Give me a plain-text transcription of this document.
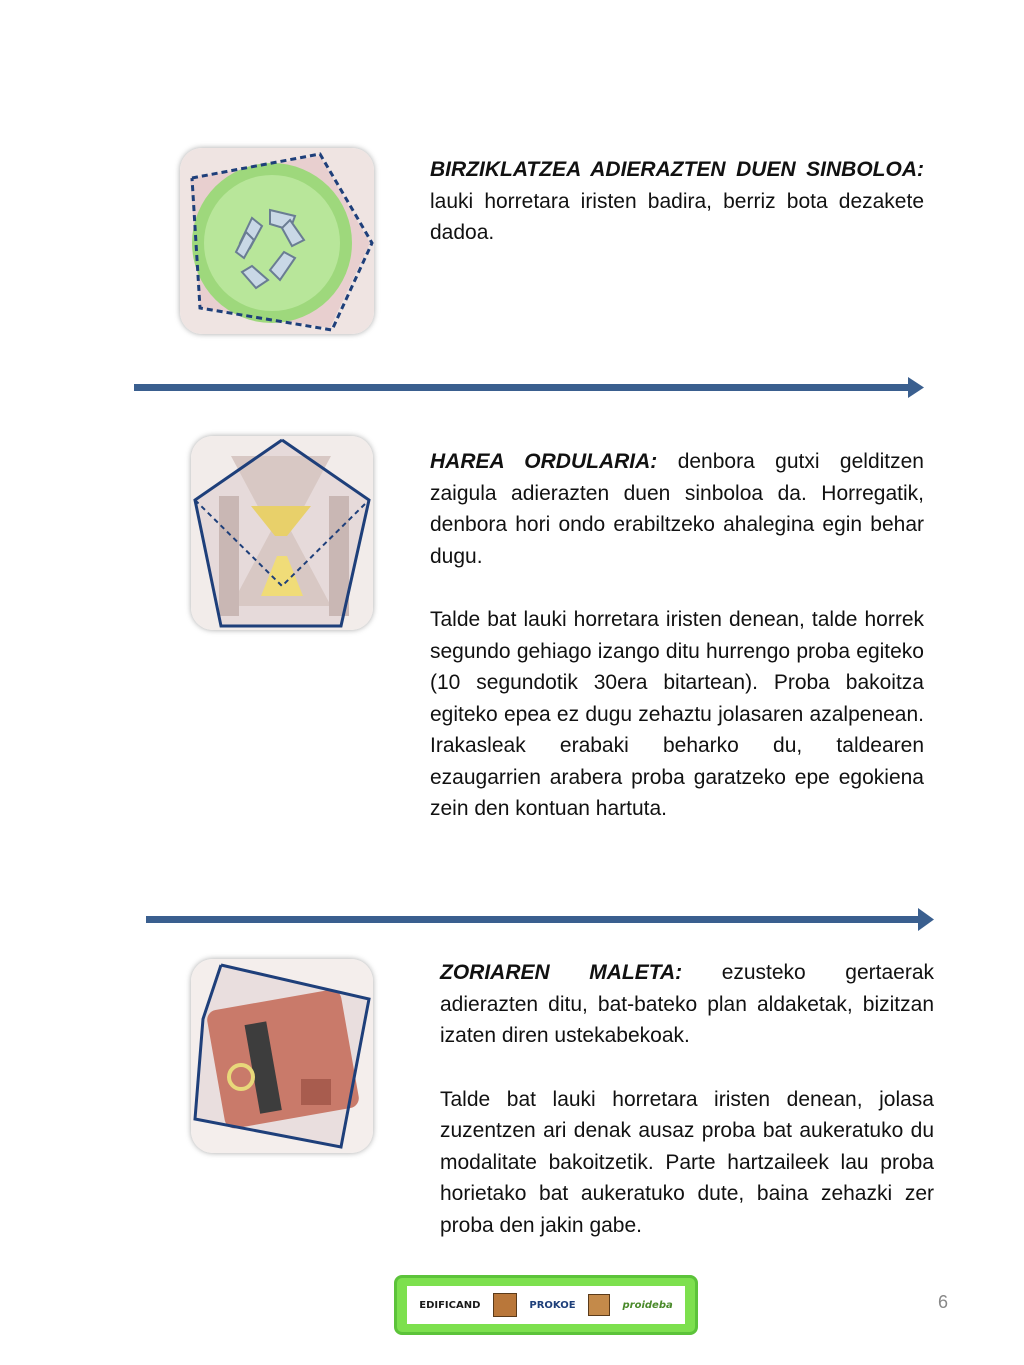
BIRZIKLATZEA ADIERAZTEN DUEN SINBOLOA: lauki horretara iristen badira, berriz bota dezakete dadoa.

HAREA ORDULARIA: denbora gutxi gelditzen zaigula adierazten duen sinboloa da. Horregatik, denbora hori ondo erabiltzeko ahalegina egin behar dugu.

Talde bat lauki horretara iristen denean, talde horrek segundo gehiago izango ditu hurrengo proba egiteko (10 segundotik 30era bitartean). Proba bakoitza egiteko epea ez dugu zehaztu jolasaren azalpenean. Irakasleak erabaki beharko du, taldearen ezaugarrien arabera proba garatzeko epe egokiena zein den kontuan hartuta.

ZORIAREN MALETA: ezusteko gertaerak adierazten ditu, bat-bateko plan aldaketak, bizitzan izaten diren ustekabekoak.

Talde bat lauki horretara iristen denean, jolasa zuzentzen ari denak ausaz proba bat aukeratuko du modalitate bakoitzetik. Parte hartzaileek lau proba horietako bat aukeratuko dute, baina zehazki zer proba den jakin gabe.

EDIFICAND	PROKOE	proideba	6
